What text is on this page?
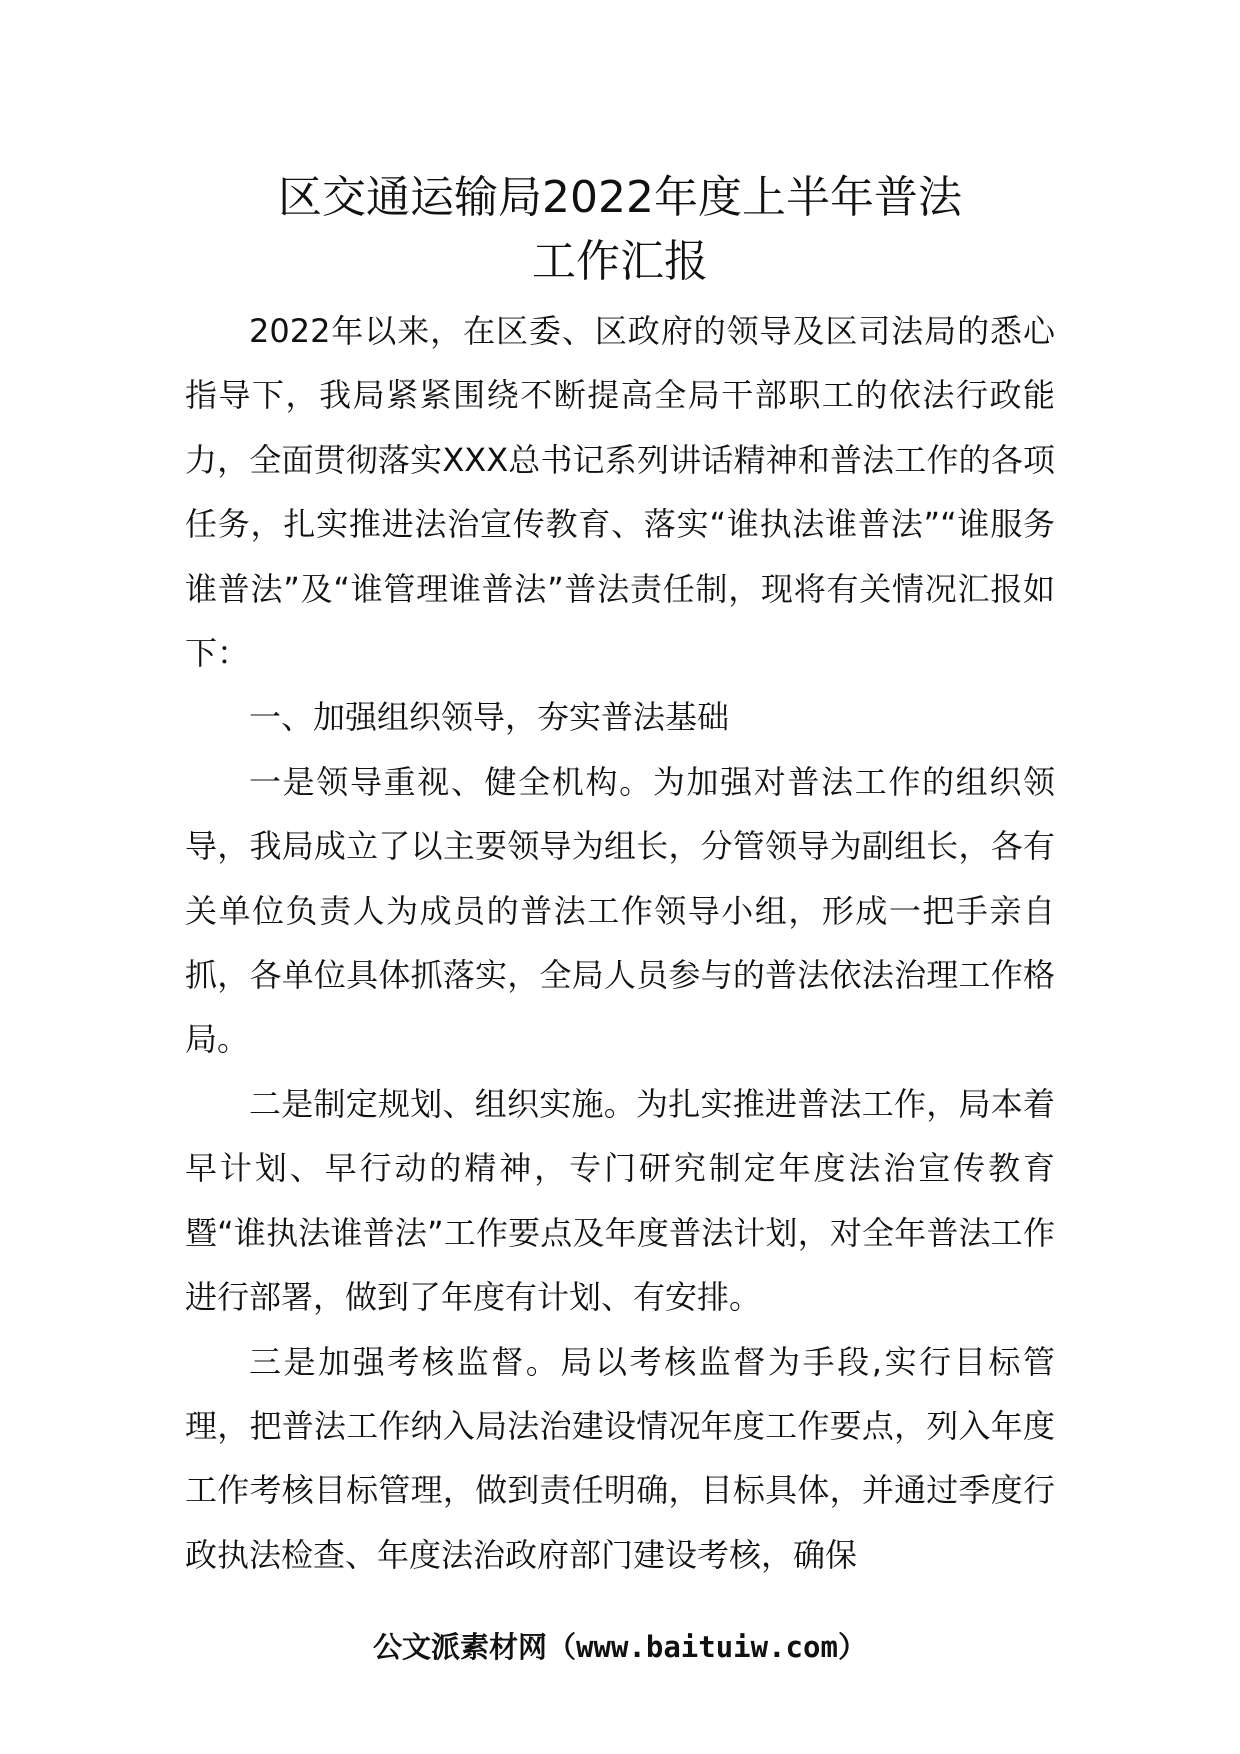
区交通运输局2022年度上半年普法
工作汇报

2022年以来，在区委、区政府的领导及区司法局的悉心指导下，我局紧紧围绕不断提高全局干部职工的依法行政能力，全面贯彻落实XXX总书记系列讲话精神和普法工作的各项任务，扎实推进法治宣传教育、落实“谁执法谁普法”“谁服务谁普法”及“谁管理谁普法”普法责任制，现将有关情况汇报如下：

一、加强组织领导，夯实普法基础

一是领导重视、健全机构。为加强对普法工作的组织领导，我局成立了以主要领导为组长，分管领导为副组长，各有关单位负责人为成员的普法工作领导小组，形成一把手亲自抓，各单位具体抓落实，全局人员参与的普法依法治理工作格局。

二是制定规划、组织实施。为扎实推进普法工作，局本着早计划、早行动的精神，专门研究制定年度法治宣传教育暨“谁执法谁普法”工作要点及年度普法计划，对全年普法工作进行部署，做到了年度有计划、有安排。

三是加强考核监督。局以考核监督为手段,实行目标管理，把普法工作纳入局法治建设情况年度工作要点，列入年度工作考核目标管理，做到责任明确，目标具体，并通过季度行政执法检查、年度法治政府部门建设考核，确保

公文派素材网（www.baituiw.com）
